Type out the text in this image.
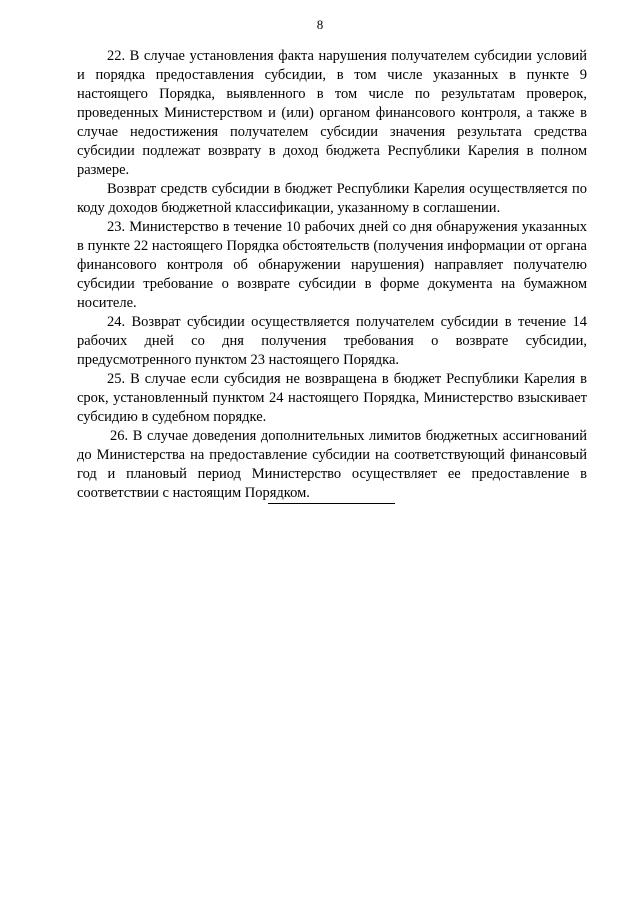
8

22. В случае установления факта нарушения получателем субсидии условий и порядка предоставления субсидии, в том числе указанных в пункте 9 настоящего Порядка, выявленного в том числе по результатам проверок, проведенных Министерством и (или) органом финансового контроля, а также в случае недостижения получателем субсидии значения результата средства субсидии подлежат возврату в доход бюджета Республики Карелия в полном размере.

Возврат средств субсидии в бюджет Республики Карелия осуществляется по коду доходов бюджетной классификации, указанному в соглашении.

23. Министерство в течение 10 рабочих дней со дня обнаружения указанных в пункте 22 настоящего Порядка обстоятельств (получения информации от органа финансового контроля об обнаружении нарушения) направляет получателю субсидии требование о возврате субсидии в форме документа на бумажном носителе.

24. Возврат субсидии осуществляется получателем субсидии в течение 14 рабочих дней со дня получения требования о возврате субсидии, предусмотренного пунктом 23 настоящего Порядка.

25. В случае если субсидия не возвращена в бюджет Республики Карелия в срок, установленный пунктом 24 настоящего Порядка, Министерство взыскивает субсидию в судебном порядке.

26. В случае доведения дополнительных лимитов бюджетных ассигнований до Министерства на предоставление субсидии на соответствующий финансовый год и плановый период Министерство осуществляет ее предоставление в соответствии с настоящим Порядком.
